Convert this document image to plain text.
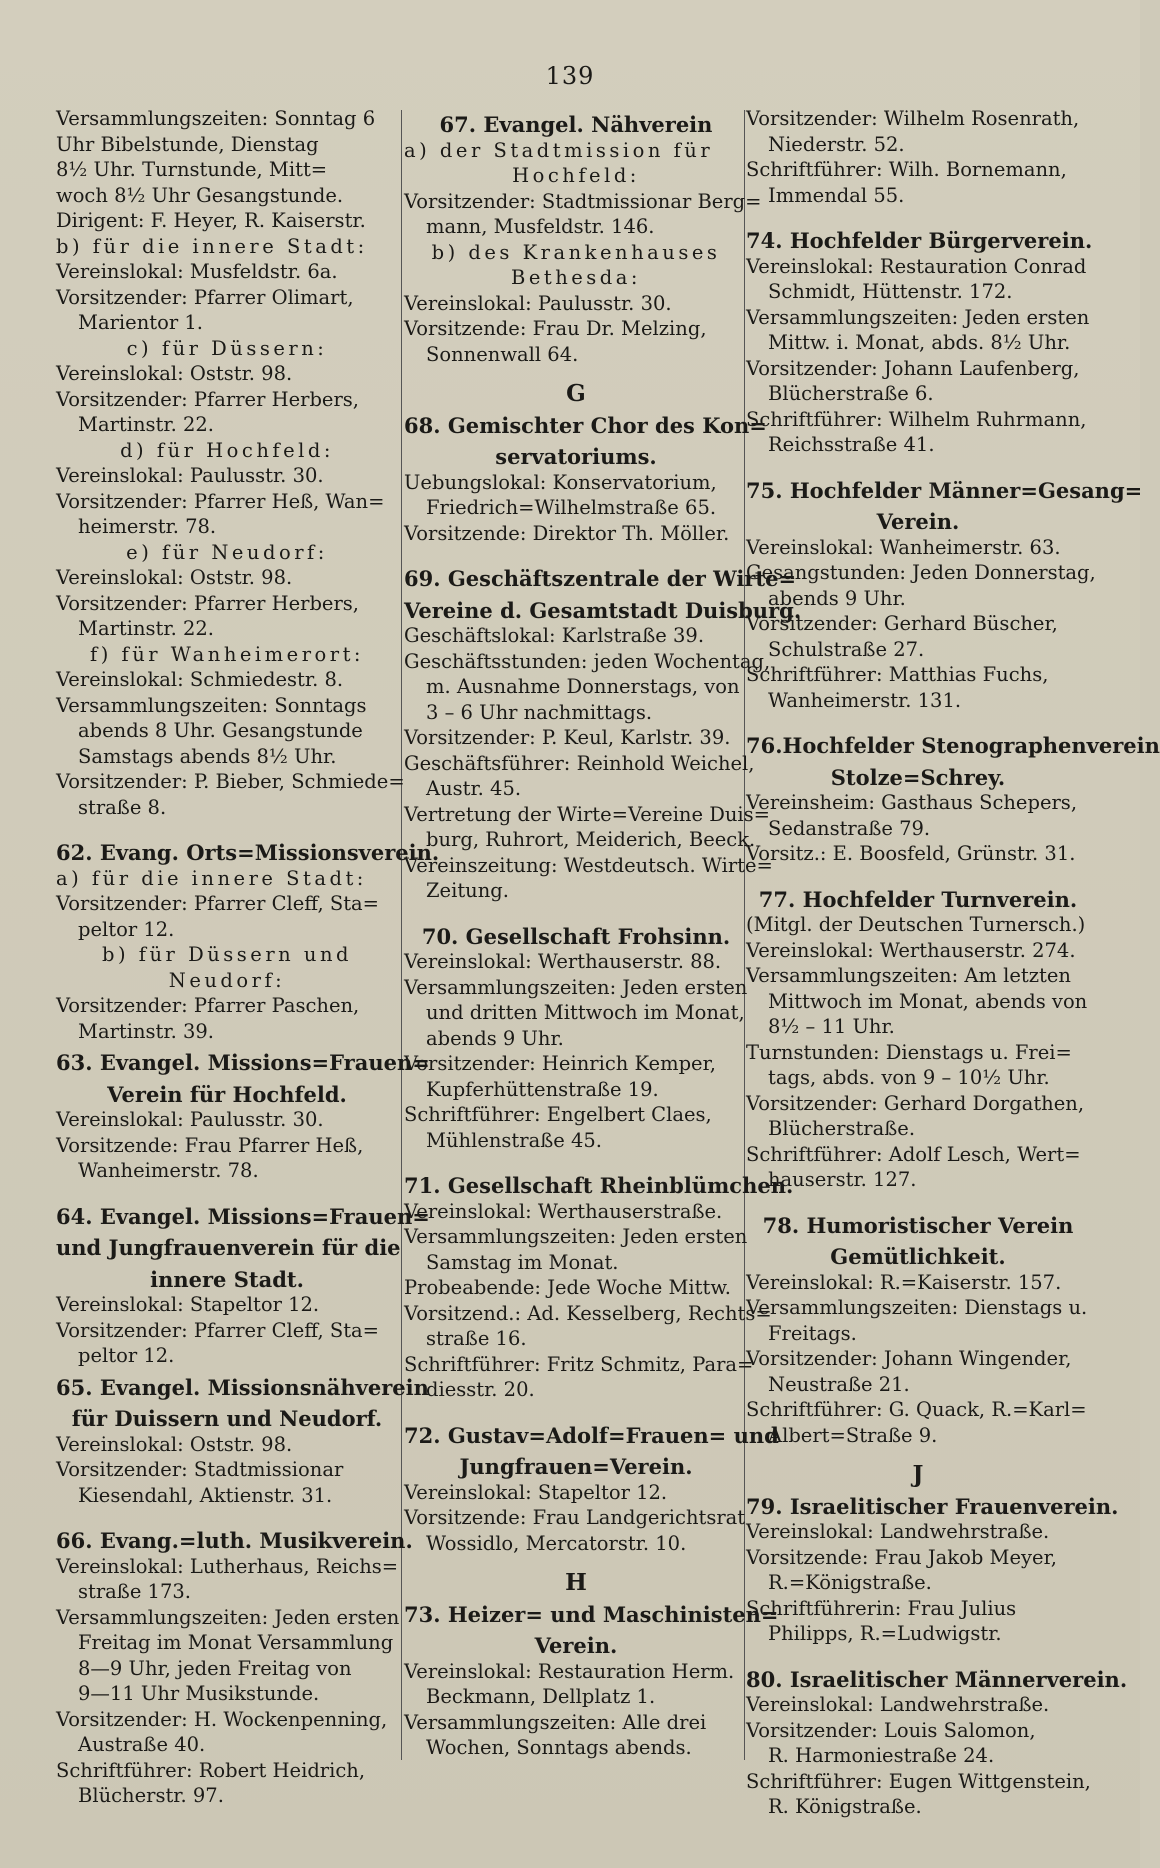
139
Versammlungszeiten: Sonntag 6
Uhr Bibelstunde, Dienstag
8½ Uhr. Turnstunde, Mitt=
woch 8½ Uhr Gesangstunde.
Dirigent: F. Heyer, R. Kaiserstr.
b) für die innere Stadt:
Vereinslokal: Musfeldstr. 6a.
Vorsitzender: Pfarrer Olimart,
Marientor 1.
c) für Düssern:
Vereinslokal: Oststr. 98.
Vorsitzender: Pfarrer Herbers,
Martinstr. 22.
d) für Hochfeld:
Vereinslokal: Paulusstr. 30.
Vorsitzender: Pfarrer Heß, Wan=
heimerstr. 78.
e) für Neudorf:
Vereinslokal: Oststr. 98.
Vorsitzender: Pfarrer Herbers,
Martinstr. 22.
f) für Wanheimerort:
Vereinslokal: Schmiedestr. 8.
Versammlungszeiten: Sonntags
abends 8 Uhr. Gesangstunde
Samstags abends 8½ Uhr.
Vorsitzender: P. Bieber, Schmiede=
straße 8.
62. Evang. Orts=Missionsverein.
a) für die innere Stadt:
Vorsitzender: Pfarrer Cleff, Sta=
peltor 12.
b) für Düssern und
Neudorf:
Vorsitzender: Pfarrer Paschen,
Martinstr. 39.
63. Evangel. Missions=Frauen=
Verein für Hochfeld.
Vereinslokal: Paulusstr. 30.
Vorsitzende: Frau Pfarrer Heß,
Wanheimerstr. 78.
64. Evangel. Missions=Frauen=
und Jungfrauenverein für die
innere Stadt.
Vereinslokal: Stapeltor 12.
Vorsitzender: Pfarrer Cleff, Sta=
peltor 12.
65. Evangel. Missionsnähverein
für Duissern und Neudorf.
Vereinslokal: Oststr. 98.
Vorsitzender: Stadtmissionar
Kiesendahl, Aktienstr. 31.
66. Evang.=luth. Musikverein.
Vereinslokal: Lutherhaus, Reichs=
straße 173.
Versammlungszeiten: Jeden ersten
Freitag im Monat Versammlung
8—9 Uhr, jeden Freitag von
9—11 Uhr Musikstunde.
Vorsitzender: H. Wockenpenning,
Austraße 40.
Schriftführer: Robert Heidrich,
Blücherstr. 97.
67. Evangel. Nähverein
a) der Stadtmission für
Hochfeld:
Vorsitzender: Stadtmissionar Berg=
mann, Musfeldstr. 146.
b) des Krankenhauses
Bethesda:
Vereinslokal: Paulusstr. 30.
Vorsitzende: Frau Dr. Melzing,
Sonnenwall 64.
G
68. Gemischter Chor des Kon=
servatoriums.
Uebungslokal: Konservatorium,
Friedrich=Wilhelmstraße 65.
Vorsitzende: Direktor Th. Möller.
69. Geschäftszentrale der Wirte=
Vereine d. Gesamtstadt Duisburg.
Geschäftslokal: Karlstraße 39.
Geschäftsstunden: jeden Wochentag,
m. Ausnahme Donnerstags, von
3 – 6 Uhr nachmittags.
Vorsitzender: P. Keul, Karlstr. 39.
Geschäftsführer: Reinhold Weichel,
Austr. 45.
Vertretung der Wirte=Vereine Duis=
burg, Ruhrort, Meiderich, Beeck.
Vereinszeitung: Westdeutsch. Wirte=
Zeitung.
70. Gesellschaft Frohsinn.
Vereinslokal: Werthauserstr. 88.
Versammlungszeiten: Jeden ersten
und dritten Mittwoch im Monat,
abends 9 Uhr.
Vorsitzender: Heinrich Kemper,
Kupferhüttenstraße 19.
Schriftführer: Engelbert Claes,
Mühlenstraße 45.
71. Gesellschaft Rheinblümchen.
Vereinslokal: Werthauserstraße.
Versammlungszeiten: Jeden ersten
Samstag im Monat.
Probeabende: Jede Woche Mittw.
Vorsitzend.: Ad. Kesselberg, Rechts=
straße 16.
Schriftführer: Fritz Schmitz, Para=
diesstr. 20.
72. Gustav=Adolf=Frauen= und
Jungfrauen=Verein.
Vereinslokal: Stapeltor 12.
Vorsitzende: Frau Landgerichtsrat
Wossidlo, Mercatorstr. 10.
H
73. Heizer= und Maschinisten=
Verein.
Vereinslokal: Restauration Herm.
Beckmann, Dellplatz 1.
Versammlungszeiten: Alle drei
Wochen, Sonntags abends.
Vorsitzender: Wilhelm Rosenrath,
Niederstr. 52.
Schriftführer: Wilh. Bornemann,
Immendal 55.
74. Hochfelder Bürgerverein.
Vereinslokal: Restauration Conrad
Schmidt, Hüttenstr. 172.
Versammlungszeiten: Jeden ersten
Mittw. i. Monat, abds. 8½ Uhr.
Vorsitzender: Johann Laufenberg,
Blücherstraße 6.
Schriftführer: Wilhelm Ruhrmann,
Reichsstraße 41.
75. Hochfelder Männer=Gesang=
Verein.
Vereinslokal: Wanheimerstr. 63.
Gesangstunden: Jeden Donnerstag,
abends 9 Uhr.
Vorsitzender: Gerhard Büscher,
Schulstraße 27.
Schriftführer: Matthias Fuchs,
Wanheimerstr. 131.
76.Hochfelder Stenographenverein
Stolze=Schrey.
Vereinsheim: Gasthaus Schepers,
Sedanstraße 79.
Vorsitz.: E. Boosfeld, Grünstr. 31.
77. Hochfelder Turnverein.
(Mitgl. der Deutschen Turnersch.)
Vereinslokal: Werthauserstr. 274.
Versammlungszeiten: Am letzten
Mittwoch im Monat, abends von
8½ – 11 Uhr.
Turnstunden: Dienstags u. Frei=
tags, abds. von 9 – 10½ Uhr.
Vorsitzender: Gerhard Dorgathen,
Blücherstraße.
Schriftführer: Adolf Lesch, Wert=
hauserstr. 127.
78. Humoristischer Verein
Gemütlichkeit.
Vereinslokal: R.=Kaiserstr. 157.
Versammlungszeiten: Dienstags u.
Freitags.
Vorsitzender: Johann Wingender,
Neustraße 21.
Schriftführer: G. Quack, R.=Karl=
Albert=Straße 9.
J
79. Israelitischer Frauenverein.
Vereinslokal: Landwehrstraße.
Vorsitzende: Frau Jakob Meyer,
R.=Königstraße.
Schriftführerin: Frau Julius
Philipps, R.=Ludwigstr.
80. Israelitischer Männerverein.
Vereinslokal: Landwehrstraße.
Vorsitzender: Louis Salomon,
R. Harmoniestraße 24.
Schriftführer: Eugen Wittgenstein,
R. Königstraße.
